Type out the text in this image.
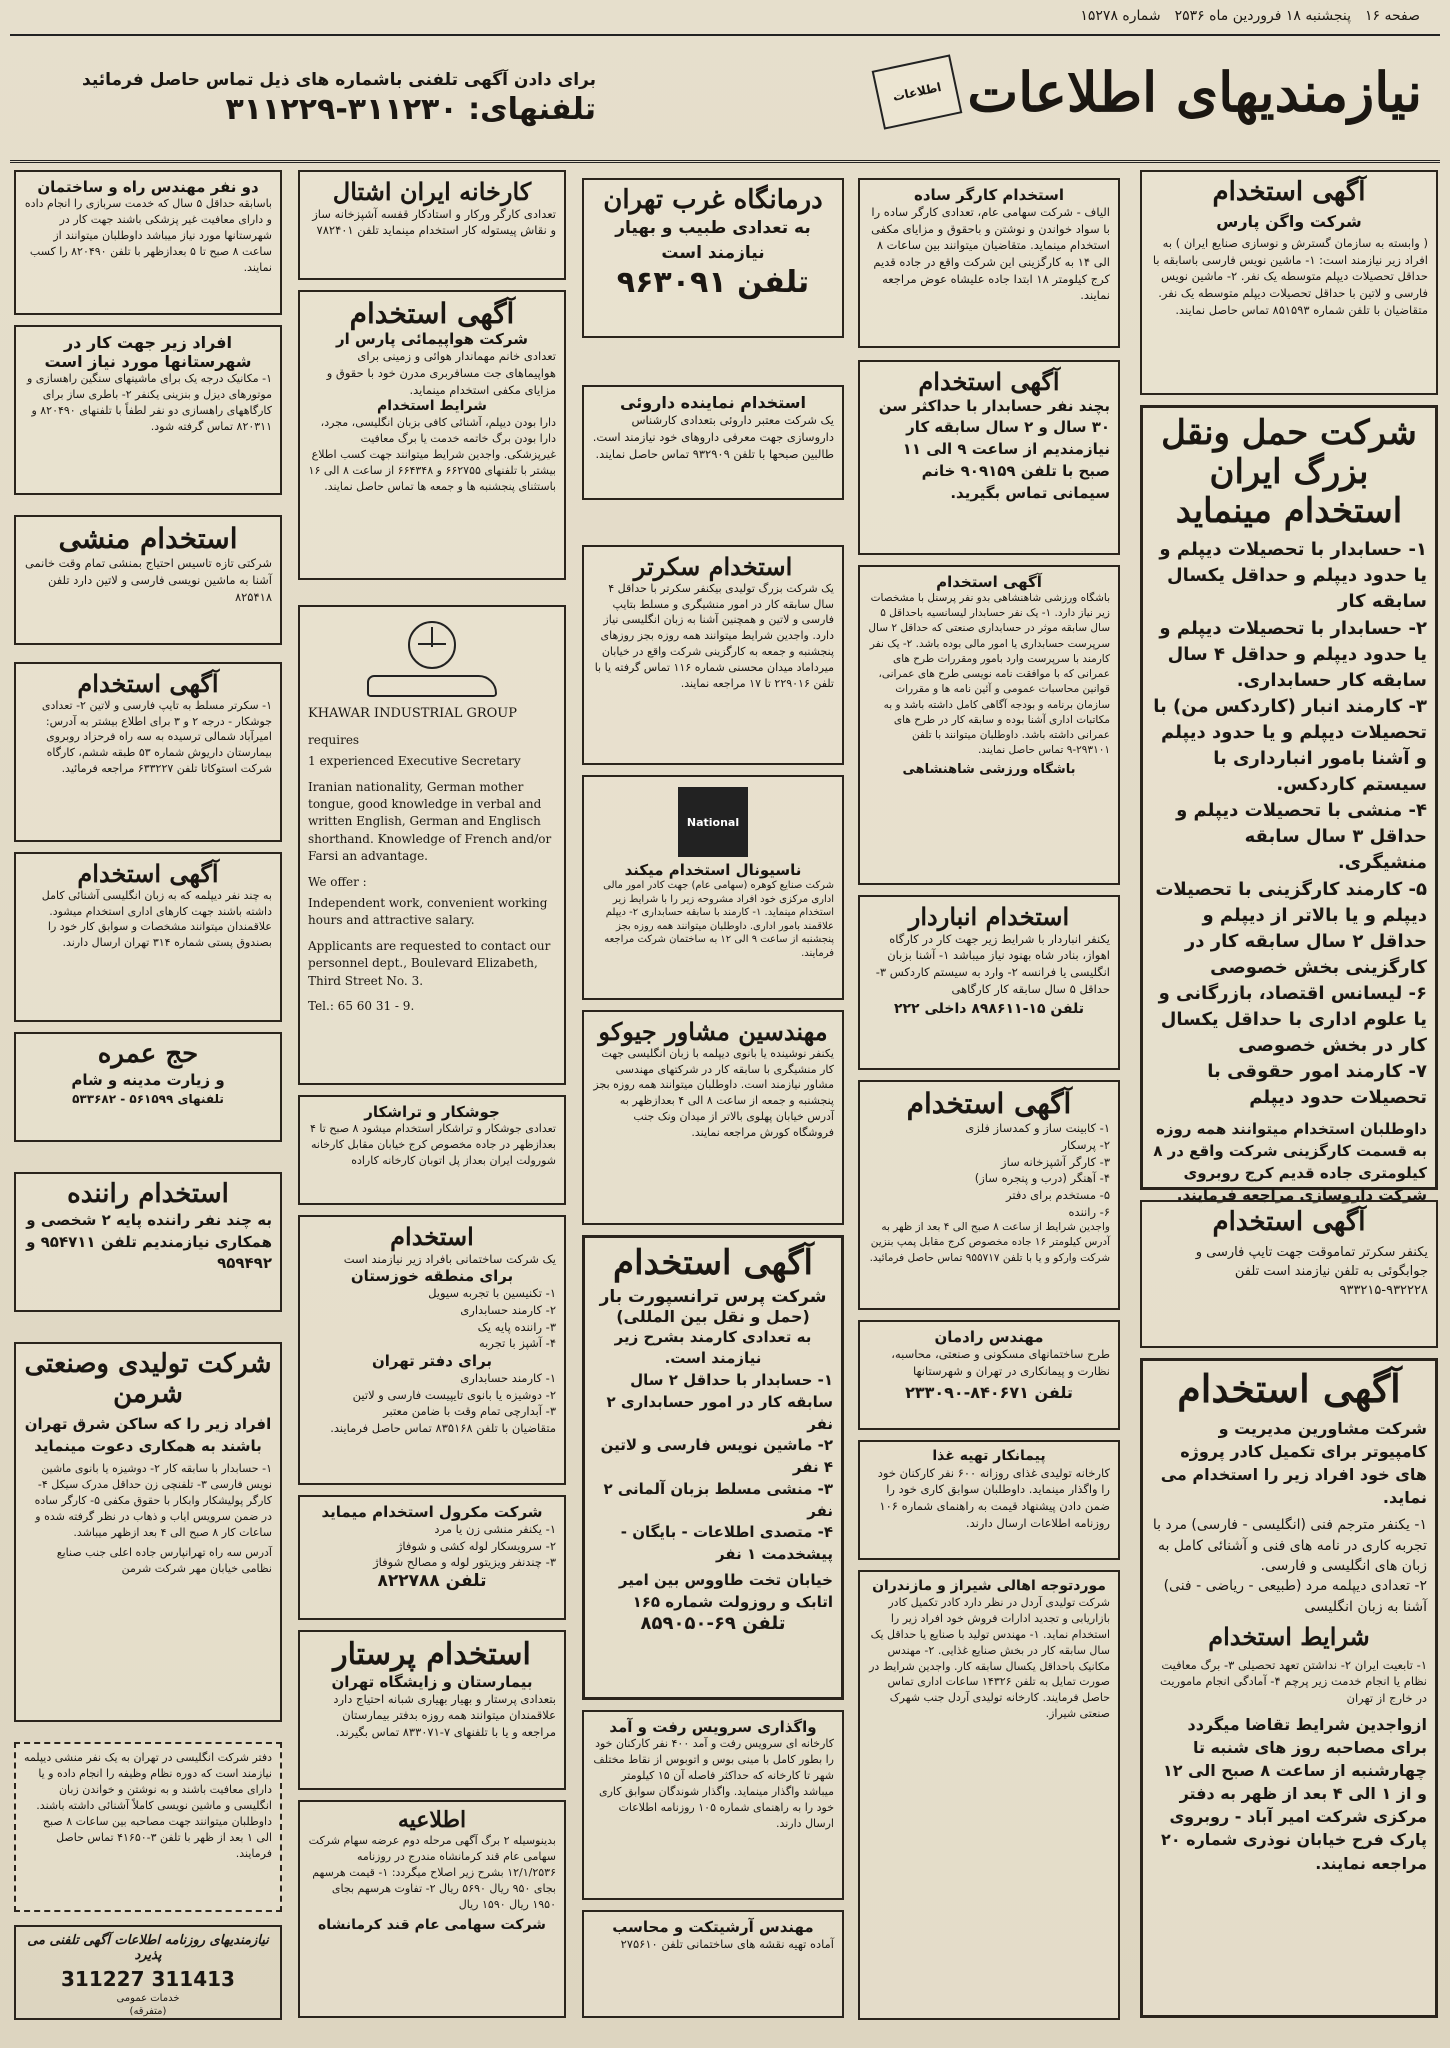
صفحه ۱۶
پنجشنبه ۱۸ فروردین ماه ۲۵۳۶
شماره ۱۵۲۷۸
نیازمندیهای اطلاعات
اطلاعات
برای دادن آگهی تلفنی باشماره های ذیل تماس حاصل فرمائید
تلفنهای: ۳۱۱۲۳۰-۳۱۱۲۲۹
آگهی استخدام
شرکت واگن پارس

( وابسته به سازمان گسترش و نوسازی صنایع ایران ) به افراد زیر نیازمند است: ۱- ماشین نویس فارسی باسابقه با حداقل تحصیلات دیپلم متوسطه یک نفر. ۲- ماشین نویس فارسی و لاتین با حداقل تحصیلات دیپلم متوسطه یک نفر. متقاضیان با تلفن شماره ۸۵۱۵۹۳ تماس حاصل نمایند.

شرکت حمل ونقل بزرگ ایران استخدام مینماید
۱- حسابدار با تحصیلات دیپلم و یا حدود دیپلم و حداقل یکسال سابقه کار
۲- حسابدار با تحصیلات دیپلم و یا حدود دیپلم و حداقل ۴ سال سابقه کار حسابداری.
۳- کارمند انبار (کاردکس من) با تحصیلات دیپلم و یا حدود دیپلم و آشنا بامور انبارداری با سیستم کاردکس.
۴- منشی با تحصیلات دیپلم و حداقل ۳ سال سابقه منشیگری.
۵- کارمند کارگزینی با تحصیلات دیپلم و یا بالاتر از دیپلم و حداقل ۲ سال سابقه کار در کارگزینی بخش خصوصی
۶- لیسانس اقتصاد، بازرگانی و یا علوم اداری با حداقل یکسال کار در بخش خصوصی
۷- کارمند امور حقوقی با تحصیلات حدود دیپلم

داوطلبان استخدام میتوانند همه روزه به قسمت کارگزینی شرکت واقع در ۸ کیلومتری جاده قدیم کرج روبروی شرکت داروسازی مراجعه فرمایند.

آگهی استخدام

یکنفر سکرتر تماموقت جهت تایپ فارسی و جوابگوئی به تلفن نیازمند است تلفن ۹۳۲۲۲۸-۹۳۳۲۱۵

آگهی استخدام

شرکت مشاورین مدیریت و کامپیوتر برای تکمیل کادر پروژه های خود افراد زیر را استخدام می نماید.

۱- یکنفر مترجم فنی (انگلیسی - فارسی) مرد با تجربه کاری در نامه های فنی و آشنائی کامل به زبان های انگلیسی و فارسی.
۲- تعدادی دیپلمه مرد (طبیعی - ریاضی - فنی) آشنا به زبان انگلیسی
شرایط استخدام

۱- تابعیت ایران ۲- نداشتن تعهد تحصیلی ۳- برگ معافیت نظام یا انجام خدمت زیر پرچم ۴- آمادگی انجام ماموریت در خارج از تهران

ازواجدین شرایط تقاضا میگردد برای مصاحبه روز های شنبه تا چهارشنبه از ساعت ۸ صبح الی ۱۲ و از ۱ الی ۴ بعد از ظهر به دفتر مرکزی شرکت امیر آباد - روبروی پارک فرح خیابان نوذری شماره ۲۰ مراجعه نمایند.

استخدام کارگر ساده

الیاف - شرکت سهامی عام، تعدادی کارگر ساده را با سواد خواندن و نوشتن و باحقوق و مزایای مکفی استخدام مینماید. متقاضیان میتوانند بین ساعات ۸ الی ۱۴ به کارگزینی این شرکت واقع در جاده قدیم کرج کیلومتر ۱۸ ابتدا جاده علیشاه عوض مراجعه نمایند.

آگهی استخدام

بچند نفر حسابدار با حداکثر سن ۳۰ سال و ۲ سال سابقه کار نیازمندیم از ساعت ۹ الی ۱۱ صبح با تلفن ۹۰۹۱۵۹ خانم سیمانی تماس بگیرید.

آگهی استخدام

باشگاه ورزشی شاهنشاهی بدو نفر پرسنل با مشخصات زیر نیاز دارد. ۱- یک نفر حسابدار لیسانسیه باحداقل ۵ سال سابقه موثر در حسابداری صنعتی که حداقل ۲ سال سرپرست حسابداری یا امور مالی بوده باشد. ۲- یک نفر کارمند با سرپرست وارد بامور ومقررات طرح های عمرانی که با موافقت نامه نویسی طرح های عمرانی، قوانین محاسبات عمومی و آئین نامه ها و مقررات سازمان برنامه و بودجه آگاهی کامل داشته باشد و به مکاتبات اداری آشنا بوده و سابقه کار در طرح های عمرانی داشته باشد. داوطلبان میتوانند با تلفن ۲۹۳۱۰۱-۹ تماس حاصل نمایند.

باشگاه ورزشی شاهنشاهی
استخدام انباردار

یکنفر انباردار با شرایط زیر جهت کار در کارگاه اهواز، بنادر شاه بهنود نیاز میباشد ۱- آشنا بزبان انگلیسی یا فرانسه ۲- وارد به سیستم کاردکس ۳- حداقل ۵ سال سابقه کار کارگاهی

تلفن ۱۵-۸۹۸۶۱۱ داخلی ۲۲۲
آگهی استخدام
۱- کابینت ساز و کمدساز فلزی
۲- پرسکار
۳- کارگر آشپزخانه ساز
۴- آهنگر (درب و پنجره ساز)
۵- مستخدم برای دفتر
۶- راننده

واجدین شرایط از ساعت ۸ صبح الی ۴ بعد از ظهر به آدرس کیلومتر ۱۶ جاده مخصوص کرج مقابل پمپ بنزین شرکت وارکو و یا با تلفن ۹۵۵۷۱۷ تماس حاصل فرمائید.

مهندس رادمان

طرح ساختمانهای مسکونی و صنعتی، محاسبه، نظارت و پیمانکاری در تهران و شهرستانها

تلفن ۸۴۰۶۷۱-۲۳۳۰۹۰
پیمانکار تهیه غذا

کارخانه تولیدی غذای روزانه ۶۰۰ نفر کارکنان خود را واگذار مینماید. داوطلبان سوابق کاری خود را ضمن دادن پیشنهاد قیمت به راهنمای شماره ۱۰۶ روزنامه اطلاعات ارسال دارند.

موردتوجه اهالی شیراز و مازندران

شرکت تولیدی آردل در نظر دارد کادر تکمیل کادر بازاریابی و تجدید ادارات فروش خود افراد زیر را استخدام نماید. ۱- مهندس تولید با صنایع یا حداقل یک سال سابقه کار در بخش صنایع غذایی. ۲- مهندس مکانیک باحداقل یکسال سابقه کار. واجدین شرایط در صورت تمایل به تلفن ۱۴۳۲۶ ساعات اداری تماس حاصل فرمایند. کارخانه تولیدی آردل جنب شهرک صنعتی شیراز.

درمانگاه غرب تهران

به تعدادی طبیب و بهیار نیازمند است

تلفن ۹۶۳۰۹۱
استخدام نماینده داروئی

یک شرکت معتبر داروئی بتعدادی کارشناس داروسازی جهت معرفی داروهای خود نیازمند است. طالبین صبحها با تلفن ۹۳۲۹۰۹ تماس حاصل نمایند.

استخدام سکرتر

یک شرکت بزرگ تولیدی بیکنفر سکرتر با حداقل ۴ سال سابقه کار در امور منشیگری و مسلط بتایپ فارسی و لاتین و همچنین آشنا به زبان انگلیسی نیاز دارد. واجدین شرایط میتوانند همه روزه بجز روزهای پنجشنبه و جمعه به کارگزینی شرکت واقع در خیابان میرداماد میدان محسنی شماره ۱۱۶ تماس گرفته یا با تلفن ۲۲۹۰۱۶ تا ۱۷ مراجعه نمایند.

National
ناسیونال استخدام میکند

شرکت صنایع کوهره (سهامی عام) جهت کادر امور مالی اداری مرکزی خود افراد مشروحه زیر را با شرایط زیر استخدام مینماید. ۱- کارمند با سابقه حسابداری ۲- دیپلم علاقمند بامور اداری. داوطلبان میتوانند همه روزه بجز پنجشنبه از ساعت ۹ الی ۱۲ به ساختمان شرکت مراجعه فرمایند.

مهندسین مشاور جیوکو

یکنفر نوشینده یا بانوی دیپلمه با زبان انگلیسی جهت کار منشیگری با سابقه کار در شرکتهای مهندسی مشاور نیازمند است. داوطلبان میتوانند همه روزه بجز پنجشنبه و جمعه از ساعت ۸ الی ۴ بعدازظهر به آدرس خیابان پهلوی بالاتر از میدان ونک جنب فروشگاه کورش مراجعه نمایند.

آگهی استخدام
شرکت پرس ترانسپورت بار
(حمل و نقل بین المللی)

به تعدادی کارمند بشرح زیر نیازمند است.

۱- حسابدار با حداقل ۲ سال سابقه کار در امور حسابداری ۲ نفر
۲- ماشین نویس فارسی و لاتین ۴ نفر
۳- منشی مسلط بزبان آلمانی ۲ نفر
۴- متصدی اطلاعات - بایگان - پیشخدمت ۱ نفر

خیابان تخت طاووس بین امیر اتابک و روزولت شماره ۱۶۵

تلفن ۶۹-۸۵۹۰۵۰
واگذاری سرویس رفت و آمد

کارخانه ای سرویس رفت و آمد ۴۰۰ نفر کارکنان خود را بطور کامل با مینی بوس و اتوبوس از نقاط مختلف شهر تا کارخانه که حداکثر فاصله آن ۱۵ کیلومتر میباشد واگذار مینماید. واگذار شوندگان سوابق کاری خود را به راهنمای شماره ۱۰۵ روزنامه اطلاعات ارسال دارند.

مهندس آرشیتکت و محاسب

آماده تهیه نقشه های ساختمانی تلفن ۲۷۵۶۱۰

کارخانه ایران اشتال

تعدادی کارگر ورکار و استادکار قفسه آشپزخانه ساز و نقاش پیستوله کار استخدام مینماید تلفن ۷۸۲۴۰۱

آگهی استخدام
شرکت هواپیمائی پارس ار

تعدادی خانم مهماندار هوائی و زمینی برای هواپیماهای جت مسافربری مدرن خود با حقوق و مزایای مکفی استخدام مینماید.

شرایط استخدام

دارا بودن دیپلم، آشنائی کافی بزبان انگلیسی، مجرد، دارا بودن برگ خاتمه خدمت یا برگ معافیت غیرپزشکی. واجدین شرایط میتوانند جهت کسب اطلاع بیشتر با تلفنهای ۶۶۲۷۵۵ و ۶۶۴۳۴۸ از ساعت ۸ الی ۱۶ باستثنای پنجشنبه ها و جمعه ها تماس حاصل نمایند.

KHAWAR INDUSTRIAL GROUP

requires

1 experienced Executive Secretary

Iranian nationality, German mother tongue, good knowledge in verbal and written English, German and Englisch shorthand. Knowledge of French and/or Farsi an advantage.

We offer :

Independent work, convenient working hours and attractive salary.

Applicants are requested to contact our personnel dept., Boulevard Elizabeth, Third Street No. 3.

Tel.: 65 60 31 - 9.

جوشکار و تراشکار

تعدادی جوشکار و تراشکار استخدام میشود ۸ صبح تا ۴ بعدازظهر در جاده مخصوص کرج خیابان مقابل کارخانه شورولت ایران بعداز پل اتوبان کارخانه کاراده

استخدام

یک شرکت ساختمانی بافراد زیر نیازمند است

برای منطقه خوزستان
۱- تکنیسین با تجربه سیویل
۲- کارمند حسابداری
۳- راننده پایه یک
۴- آشپز با تجربه
برای دفتر تهران
۱- کارمند حسابداری
۲- دوشیزه یا بانوی تایپیست فارسی و لاتین
۳- آبدارچی تمام وقت با ضامن معتبر

متقاضیان با تلفن ۸۳۵۱۶۸ تماس حاصل فرمایند.

شرکت مکرول استخدام میماید
۱- یکنفر منشی زن یا مرد
۲- سرویسکار لوله کشی و شوفاژ
۳- چندنفر ویزیتور لوله و مصالح شوفاژ
تلفن ۸۲۲۷۸۸
استخدام پرستار
بیمارستان و زایشگاه تهران

بتعدادی پرستار و بهیار بهیاری شبانه احتیاج دارد علاقمندان میتوانند همه روزه بدفتر بیمارستان مراجعه و یا با تلفنهای ۷-۸۳۳۰۷۱ تماس بگیرند.

اطلاعیه

بدینوسیله ۲ برگ آگهی مرحله دوم عرضه سهام شرکت سهامی عام قند کرمانشاه مندرج در روزنامه ۱۲/۱/۲۵۳۶ بشرح زیر اصلاح میگردد: ۱- قیمت هرسهم بجای ۹۵۰ ریال ۵۶۹۰ ریال ۲- تفاوت هرسهم بجای ۱۹۵۰ ریال ۱۵۹۰ ریال

شرکت سهامی عام قند کرمانشاه
دو نفر مهندس راه و ساختمان

باسابقه حداقل ۵ سال که خدمت سربازی را انجام داده و دارای معافیت غیر پزشکی باشند جهت کار در شهرستانها مورد نیاز میباشد داوطلبان میتوانند از ساعت ۸ صبح تا ۵ بعدازظهر با تلفن ۸۲۰۴۹۰ را کسب نمایند.

افراد زیر جهت کار در شهرستانها مورد نیاز است

۱- مکانیک درجه یک برای ماشینهای سنگین راهسازی و موتورهای دیزل و بنزینی یکنفر ۲- باطری ساز برای کارگاههای راهسازی دو نفر لطفاً با تلفنهای ۸۲۰۴۹۰ و ۸۲۰۳۱۱ تماس گرفته شود.

استخدام منشی

شرکتی تازه تاسیس احتیاج بمنشی تمام وقت خانمی آشنا به ماشین نویسی فارسی و لاتین دارد تلفن ۸۲۵۴۱۸

آگهی استخدام

۱- سکرتر مسلط به تایپ فارسی و لاتین ۲- تعدادی جوشکار - درجه ۲ و ۳ برای اطلاع بیشتر به آدرس: امیرآباد شمالی ترسیده به سه راه فرحزاد روبروی بیمارستان داریوش شماره ۵۳ طبقه ششم، کارگاه شرکت استوکاتا تلفن ۶۳۳۲۲۷ مراجعه فرمائید.

آگهی استخدام

به چند نفر دیپلمه که به زبان انگلیسی آشنائی کامل داشته باشند جهت کارهای اداری استخدام میشود. علاقمندان میتوانند مشخصات و سوابق کار خود را بصندوق پستی شماره ۳۱۴ تهران ارسال دارند.

حج عمره

و زیارت مدینه و شام

تلفنهای ۵۶۱۵۹۹ - ۵۳۳۶۸۲
استخدام راننده

به چند نفر راننده پایه ۲ شخصی و همکاری نیازمندیم تلفن ۹۵۴۷۱۱ و ۹۵۹۴۹۲

شرکت تولیدی وصنعتی شرمن

افراد زیر را که ساکن شرق تهران باشند به همکاری دعوت مینماید

۱- حسابدار با سابقه کار ۲- دوشیزه یا بانوی ماشین نویس فارسی ۳- تلفنچی زن حداقل مدرک سیکل ۴- کارگر پولیشکار وابکار با حقوق مکفی ۵- کارگر ساده در ضمن سرویس ایاب و ذهاب در نظر گرفته شده و ساعات کار ۸ صبح الی ۴ بعد ازظهر میباشد.

آدرس سه راه تهرانپارس جاده اعلی جنب صنایع نظامی خیابان مهر شرکت شرمن

دفتر شرکت انگلیسی در تهران به یک نفر منشی دیپلمه نیازمند است که دوره نظام وظیفه را انجام داده و یا دارای معافیت باشند و به نوشتن و خواندن زبان انگلیسی و ماشین نویسی کاملاً آشنائی داشته باشند. داوطلبان میتوانند جهت مصاحبه بین ساعات ۸ صبح الی ۱ بعد از ظهر با تلفن ۳-۴۱۶۵۰ تماس حاصل فرمایند.

نیازمندیهای روزنامه اطلاعات آگهی تلفنی می پذیرد
311227 311413
خدمات عمومی
(متفرقه)
